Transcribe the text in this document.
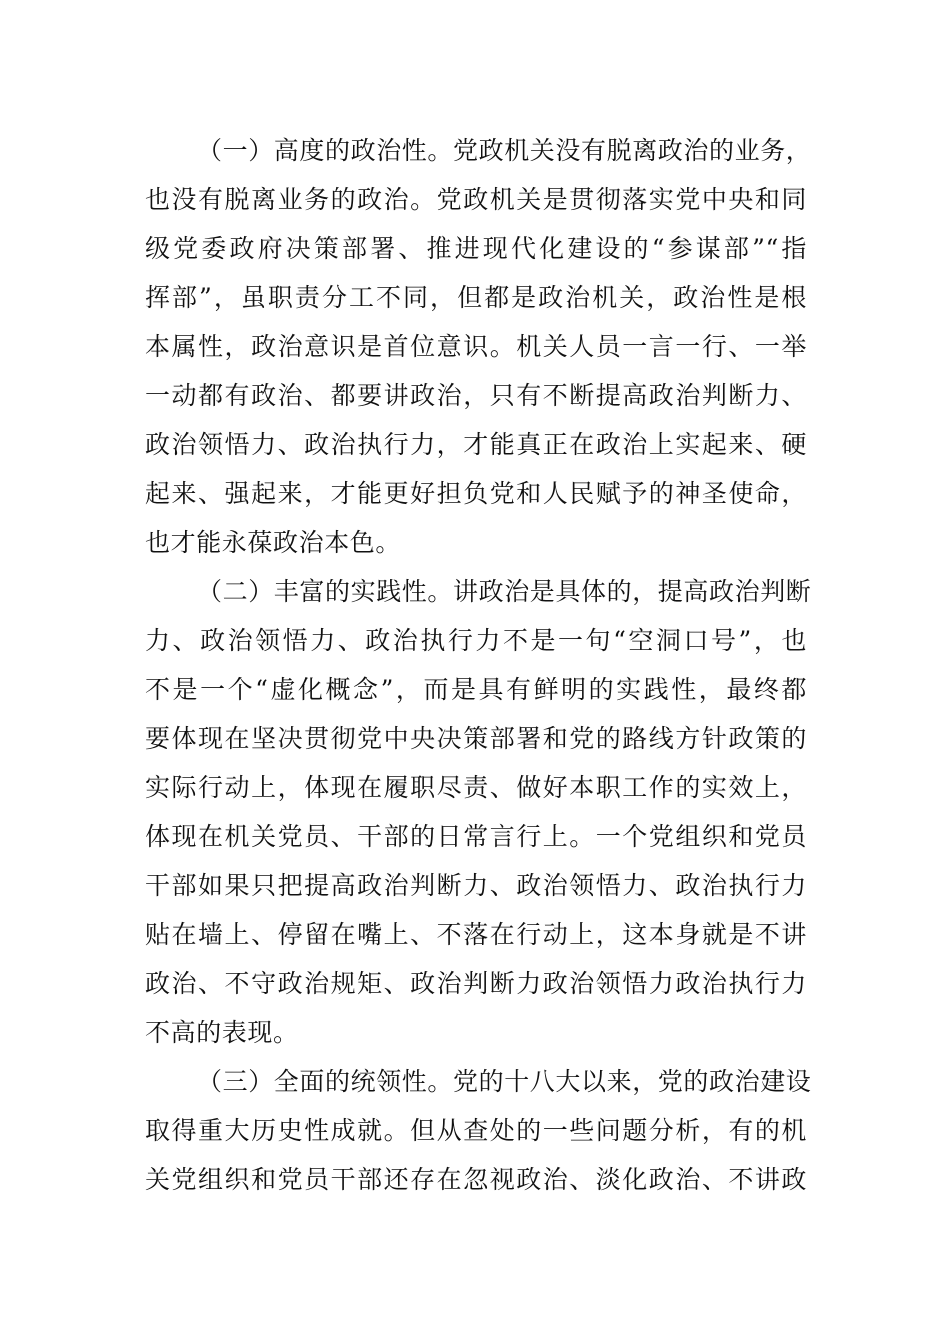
（一）高度的政治性。党政机关没有脱离政治的业务，
也没有脱离业务的政治。党政机关是贯彻落实党中央和同
级党委政府决策部署、推进现代化建设的“参谋部”“指
挥部”，虽职责分工不同，但都是政治机关，政治性是根
本属性，政治意识是首位意识。机关人员一言一行、一举
一动都有政治、都要讲政治，只有不断提高政治判断力、
政治领悟力、政治执行力，才能真正在政治上实起来、硬
起来、强起来，才能更好担负党和人民赋予的神圣使命，
也才能永葆政治本色。
（二）丰富的实践性。讲政治是具体的，提高政治判断
力、政治领悟力、政治执行力不是一句“空洞口号”，也
不是一个“虚化概念”，而是具有鲜明的实践性，最终都
要体现在坚决贯彻党中央决策部署和党的路线方针政策的
实际行动上，体现在履职尽责、做好本职工作的实效上，
体现在机关党员、干部的日常言行上。一个党组织和党员
干部如果只把提高政治判断力、政治领悟力、政治执行力
贴在墙上、停留在嘴上、不落在行动上，这本身就是不讲
政治、不守政治规矩、政治判断力政治领悟力政治执行力
不高的表现。
（三）全面的统领性。党的十八大以来，党的政治建设
取得重大历史性成就。但从查处的一些问题分析，有的机
关党组织和党员干部还存在忽视政治、淡化政治、不讲政
